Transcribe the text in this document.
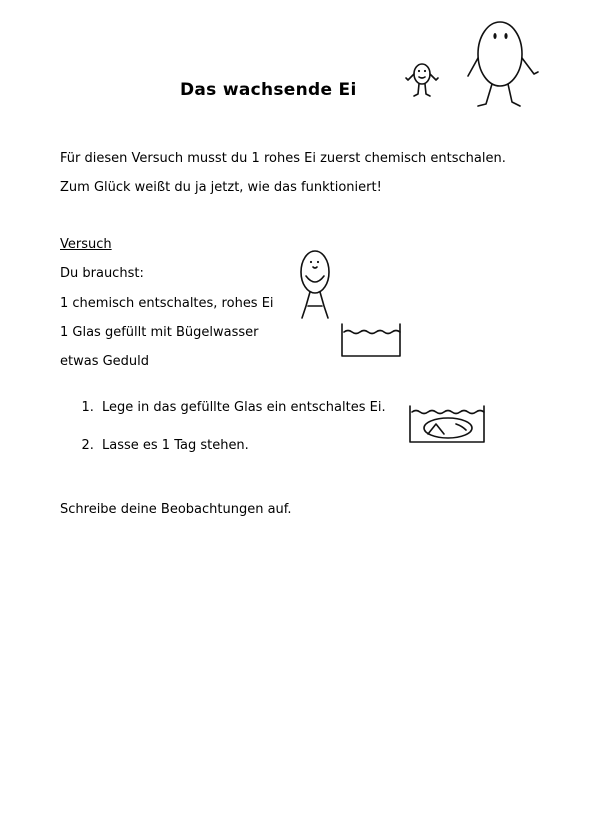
Das wachsende Ei
Für diesen Versuch musst du 1 rohes Ei zuerst chemisch entschalen.
Zum Glück weißt du ja jetzt, wie das funktioniert!
Versuch
Du brauchst:
1 chemisch entschaltes, rohes Ei
1 Glas gefüllt mit Bügelwasser
etwas Geduld
1. Lege in das gefüllte Glas ein entschaltes Ei.
2. Lasse es 1 Tag stehen.
Schreibe deine Beobachtungen auf.
